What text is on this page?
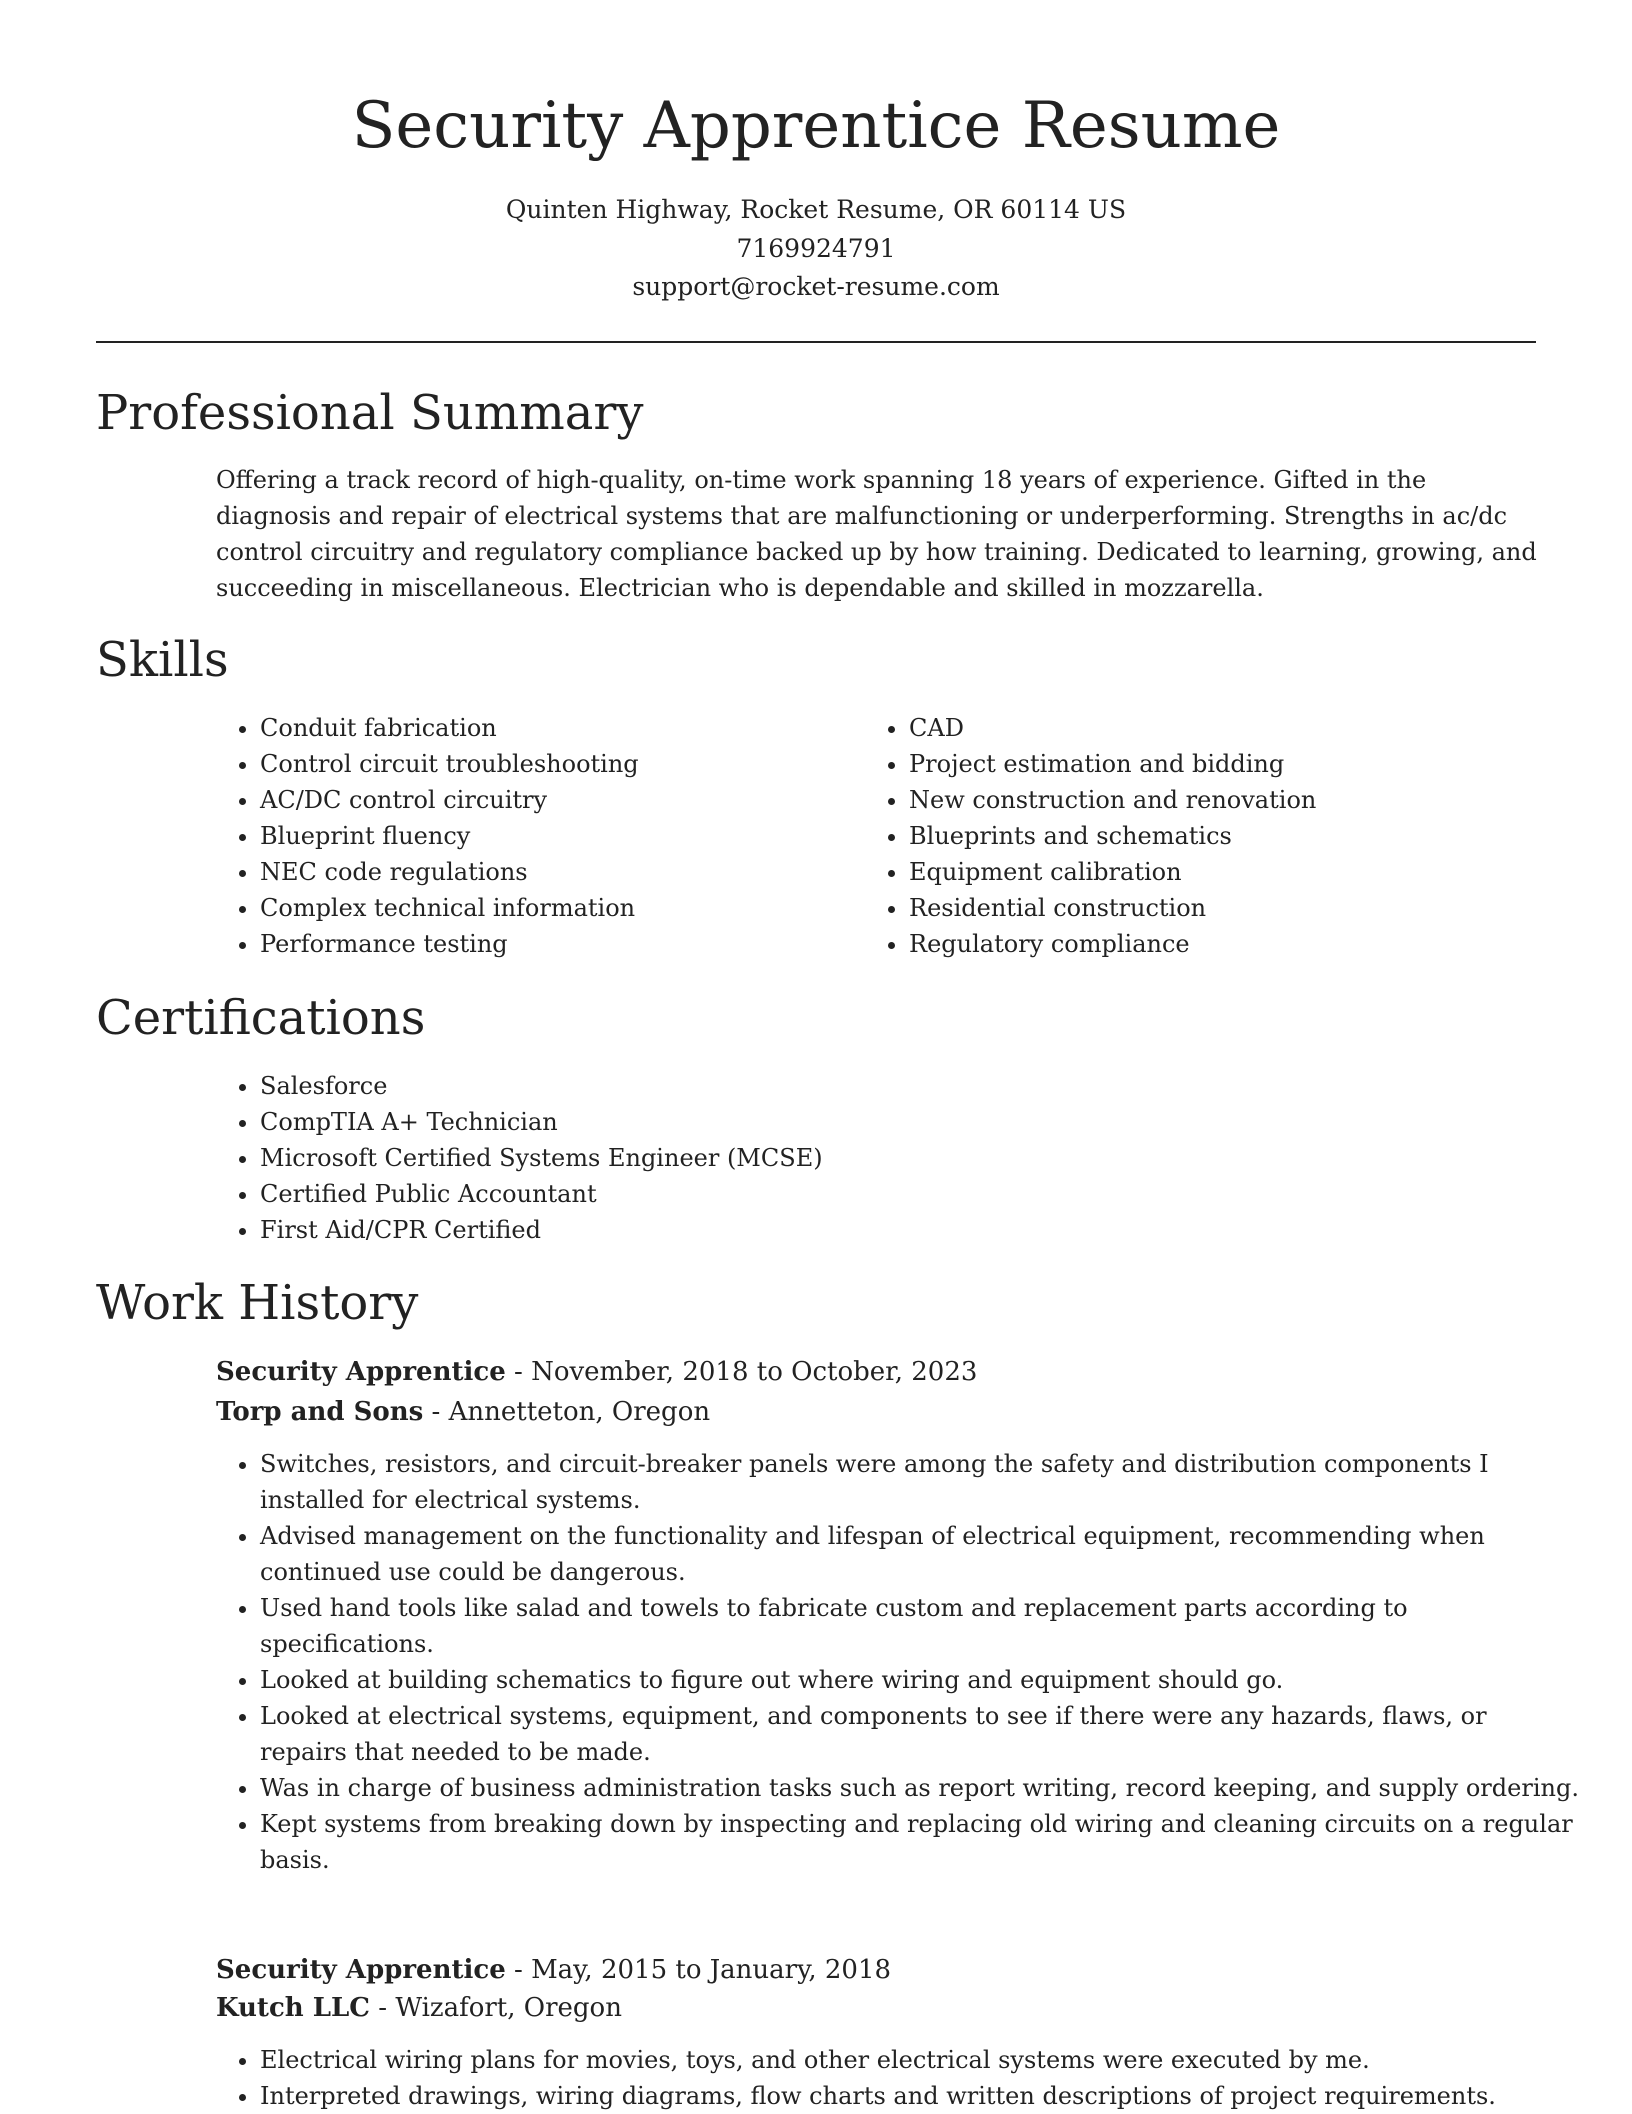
Security Apprentice Resume
Quinten Highway, Rocket Resume, OR 60114 US
7169924791
support@rocket-resume.com
Professional Summary

Offering a track record of high-quality, on-time work spanning 18 years of experience. Gifted in the diagnosis and repair of electrical systems that are malfunctioning or underperforming. Strengths in ac/dc control circuitry and regulatory compliance backed up by how training. Dedicated to learning, growing, and succeeding in miscellaneous. Electrician who is dependable and skilled in mozzarella.

Skills
• Conduit fabrication
• Control circuit troubleshooting
• AC/DC control circuitry
• Blueprint fluency
• NEC code regulations
• Complex technical information
• Performance testing
• CAD
• Project estimation and bidding
• New construction and renovation
• Blueprints and schematics
• Equipment calibration
• Residential construction
• Regulatory compliance
Certifications
• Salesforce
• CompTIA A+ Technician
• Microsoft Certified Systems Engineer (MCSE)
• Certified Public Accountant
• First Aid/CPR Certified
Work History
Security Apprentice - November, 2018 to October, 2023
Torp and Sons - Annetteton, Oregon
• Switches, resistors, and circuit-breaker panels were among the safety and distribution components I installed for electrical systems.
• Advised management on the functionality and lifespan of electrical equipment, recommending when continued use could be dangerous.
• Used hand tools like salad and towels to fabricate custom and replacement parts according to specifications.
• Looked at building schematics to figure out where wiring and equipment should go.
• Looked at electrical systems, equipment, and components to see if there were any hazards, flaws, or repairs that needed to be made.
• Was in charge of business administration tasks such as report writing, record keeping, and supply ordering.
• Kept systems from breaking down by inspecting and replacing old wiring and cleaning circuits on a regular basis.
Security Apprentice - May, 2015 to January, 2018
Kutch LLC - Wizafort, Oregon
• Electrical wiring plans for movies, toys, and other electrical systems were executed by me.
• Interpreted drawings, wiring diagrams, flow charts and written descriptions of project requirements.
